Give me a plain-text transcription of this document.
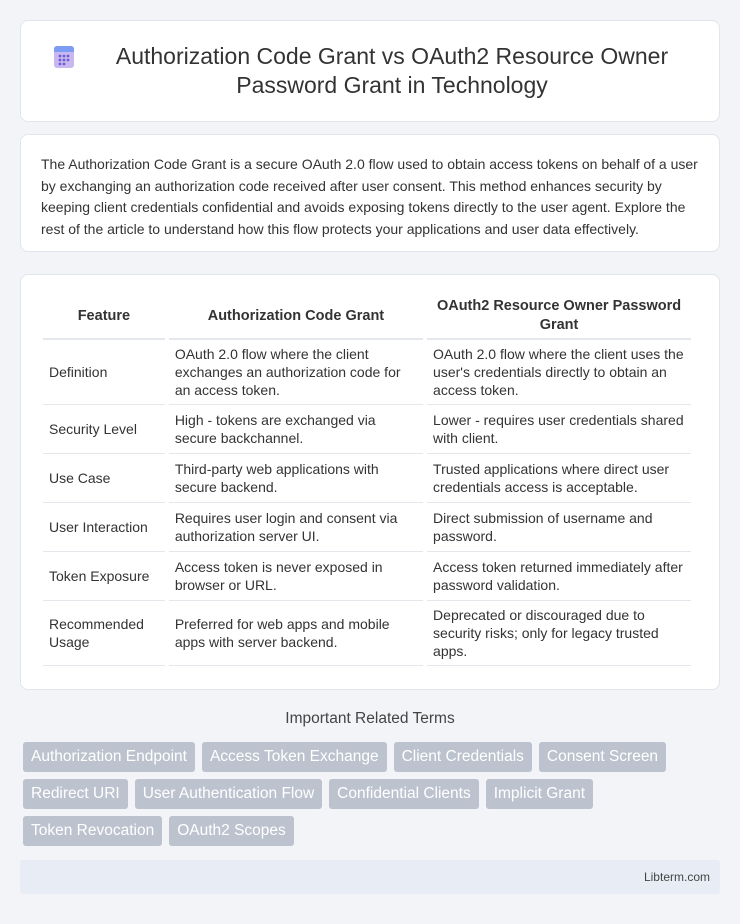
Authorization Code Grant vs OAuth2 Resource Owner Password Grant in Technology

The Authorization Code Grant is a secure OAuth 2.0 flow used to obtain access tokens on behalf of a user by exchanging an authorization code received after user consent. This method enhances security by keeping client credentials confidential and avoids exposing tokens directly to the user agent. Explore the rest of the article to understand how this flow protects your applications and user data effectively.

Feature	Authorization Code Grant	OAuth2 Resource Owner Password Grant
Definition	OAuth 2.0 flow where the client exchanges an authorization code for an access token.	OAuth 2.0 flow where the client uses the user's credentials directly to obtain an access token.
Security Level	High - tokens are exchanged via secure backchannel.	Lower - requires user credentials shared with client.
Use Case	Third-party web applications with secure backend.	Trusted applications where direct user credentials access is acceptable.
User Interaction	Requires user login and consent via authorization server UI.	Direct submission of username and password.
Token Exposure	Access token is never exposed in browser or URL.	Access token returned immediately after password validation.
Recommended Usage	Preferred for web apps and mobile apps with server backend.	Deprecated or discouraged due to security risks; only for legacy trusted apps.
Important Related Terms
Authorization Endpoint	Access Token Exchange	Client Credentials	Consent Screen
Redirect URI	User Authentication Flow	Confidential Clients	Implicit Grant
Token Revocation	OAuth2 Scopes
Libterm.com
